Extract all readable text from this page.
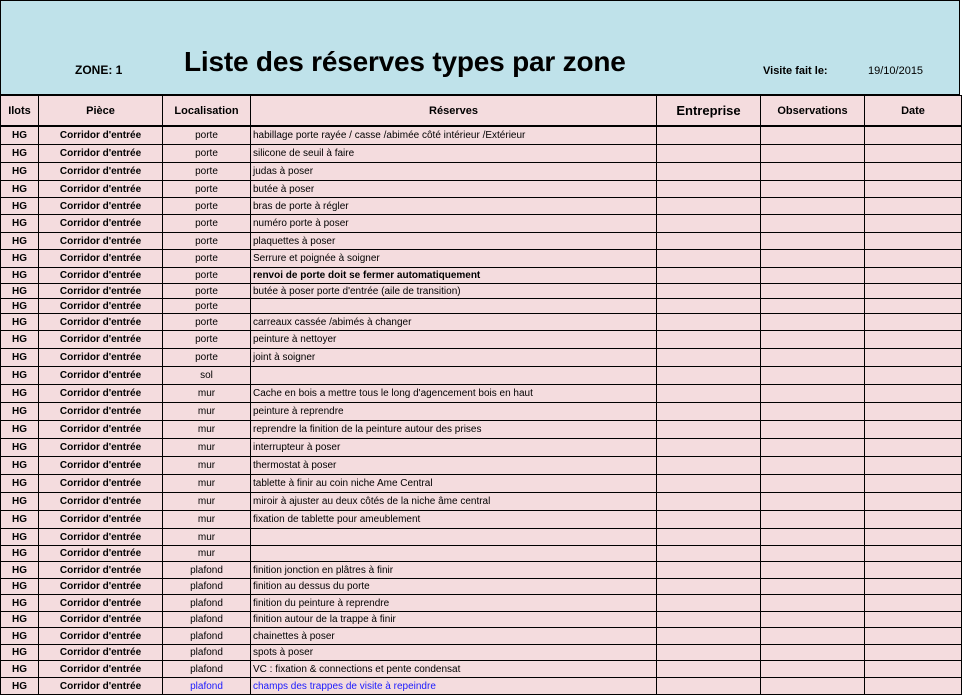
ZONE: 1 Liste des réserves types par zone	Visite fait le:	19/10/2015
Ilots	Pièce	Localisation	Réserves	Entreprise	Observations	Date
HG	Corridor d'entrée	porte	habillage porte rayée / casse /abimée côté intérieur /Extérieur			
HG	Corridor d'entrée	porte	silicone de seuil à faire			
HG	Corridor d'entrée	porte	judas à poser			
HG	Corridor d'entrée	porte	butée à poser			
HG	Corridor d'entrée	porte	bras de porte à régler			
HG	Corridor d'entrée	porte	numéro porte à poser			
HG	Corridor d'entrée	porte	plaquettes à poser			
HG	Corridor d'entrée	porte	Serrure et poignée à soigner			
HG	Corridor d'entrée	porte	renvoi de porte doit se fermer automatiquement			
HG	Corridor d'entrée	porte	butée à poser porte d'entrée (aile de transition)			
HG	Corridor d'entrée	porte				
HG	Corridor d'entrée	porte	carreaux cassée /abimés à changer			
HG	Corridor d'entrée	porte	peinture à nettoyer			
HG	Corridor d'entrée	porte	joint à soigner			
HG	Corridor d'entrée	sol				
HG	Corridor d'entrée	mur	Cache en bois a mettre tous le long d'agencement bois en haut			
HG	Corridor d'entrée	mur	peinture à reprendre			
HG	Corridor d'entrée	mur	reprendre la finition de la peinture autour des prises			
HG	Corridor d'entrée	mur	interrupteur à poser			
HG	Corridor d'entrée	mur	thermostat à poser			
HG	Corridor d'entrée	mur	tablette à finir au coin niche Ame Central			
HG	Corridor d'entrée	mur	miroir à ajuster au deux côtés de la niche âme central			
HG	Corridor d'entrée	mur	fixation de tablette pour ameublement			
HG	Corridor d'entrée	mur				
HG	Corridor d'entrée	mur				
HG	Corridor d'entrée	plafond	finition jonction en plâtres à finir			
HG	Corridor d'entrée	plafond	finition au dessus du porte			
HG	Corridor d'entrée	plafond	finition du peinture à reprendre			
HG	Corridor d'entrée	plafond	finition autour de la trappe à finir			
HG	Corridor d'entrée	plafond	chainettes à poser			
HG	Corridor d'entrée	plafond	spots à poser			
HG	Corridor d'entrée	plafond	VC : fixation & connections et pente condensat			
HG	Corridor d'entrée	plafond	champs des trappes de visite à repeindre			
